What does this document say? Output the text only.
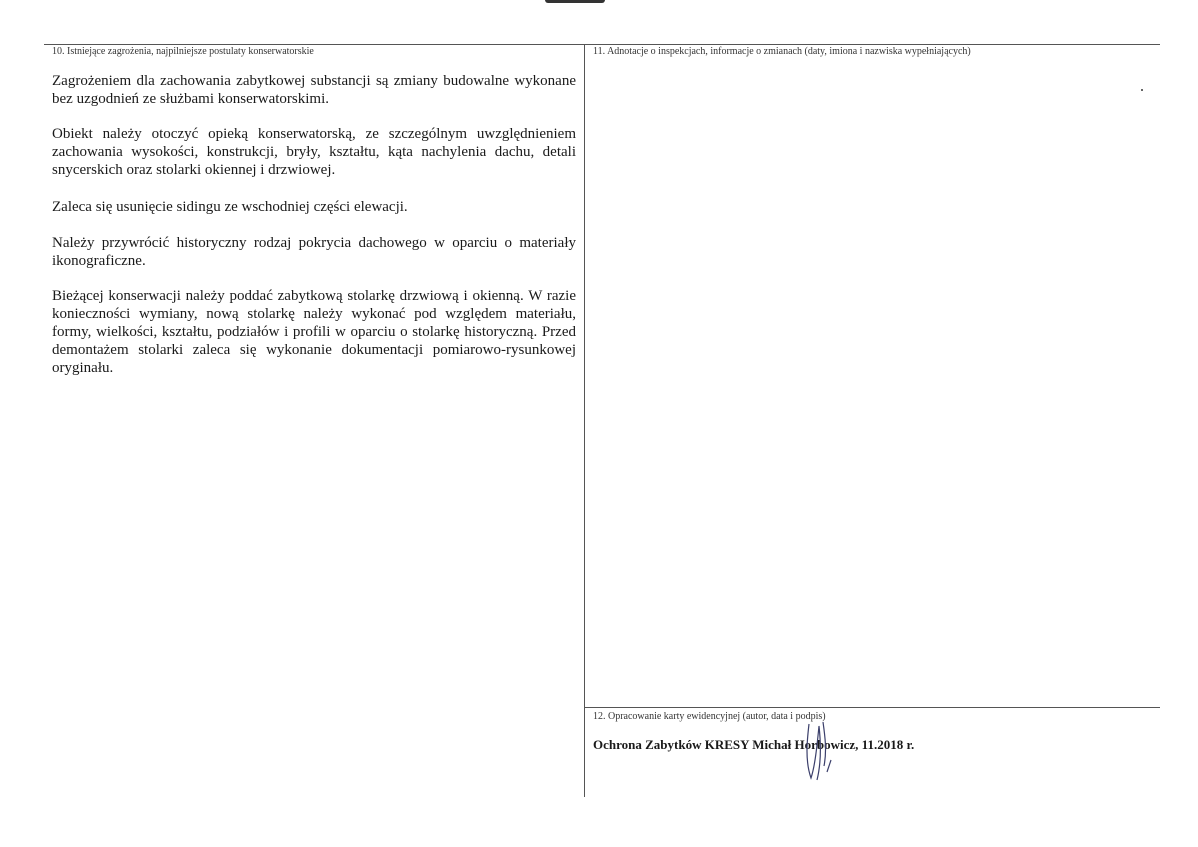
10. Istniejące zagrożenia, najpilniejsze postulaty konserwatorskie

Zagrożeniem dla zachowania zabytkowej substancji są zmiany budowalne wykonane bez uzgodnień ze służbami konserwatorskimi.

Obiekt należy otoczyć opieką konserwatorską, ze szczególnym uwzględnieniem zachowania wysokości, konstrukcji, bryły, kształtu, kąta nachylenia dachu, detali snycerskich oraz stolarki okiennej i drzwiowej.

Zaleca się usunięcie sidingu ze wschodniej części elewacji.

Należy przywrócić historyczny rodzaj pokrycia dachowego w oparciu o materiały ikonograficzne.

Bieżącej konserwacji należy poddać zabytkową stolarkę drzwiową i okienną. W razie konieczności wymiany, nową stolarkę należy wykonać pod względem materiału, formy, wielkości, kształtu, podziałów i profili w oparciu o stolarkę historyczną. Przed demontażem stolarki zaleca się wykonanie dokumentacji pomiarowo-rysunkowej oryginału.

11. Adnotacje o inspekcjach, informacje o zmianach (daty, imiona i nazwiska wypełniających)
12. Opracowanie karty ewidencyjnej (autor, data i podpis)
Ochrona Zabytków KRESY Michał Horbowicz, 11.2018 r.
